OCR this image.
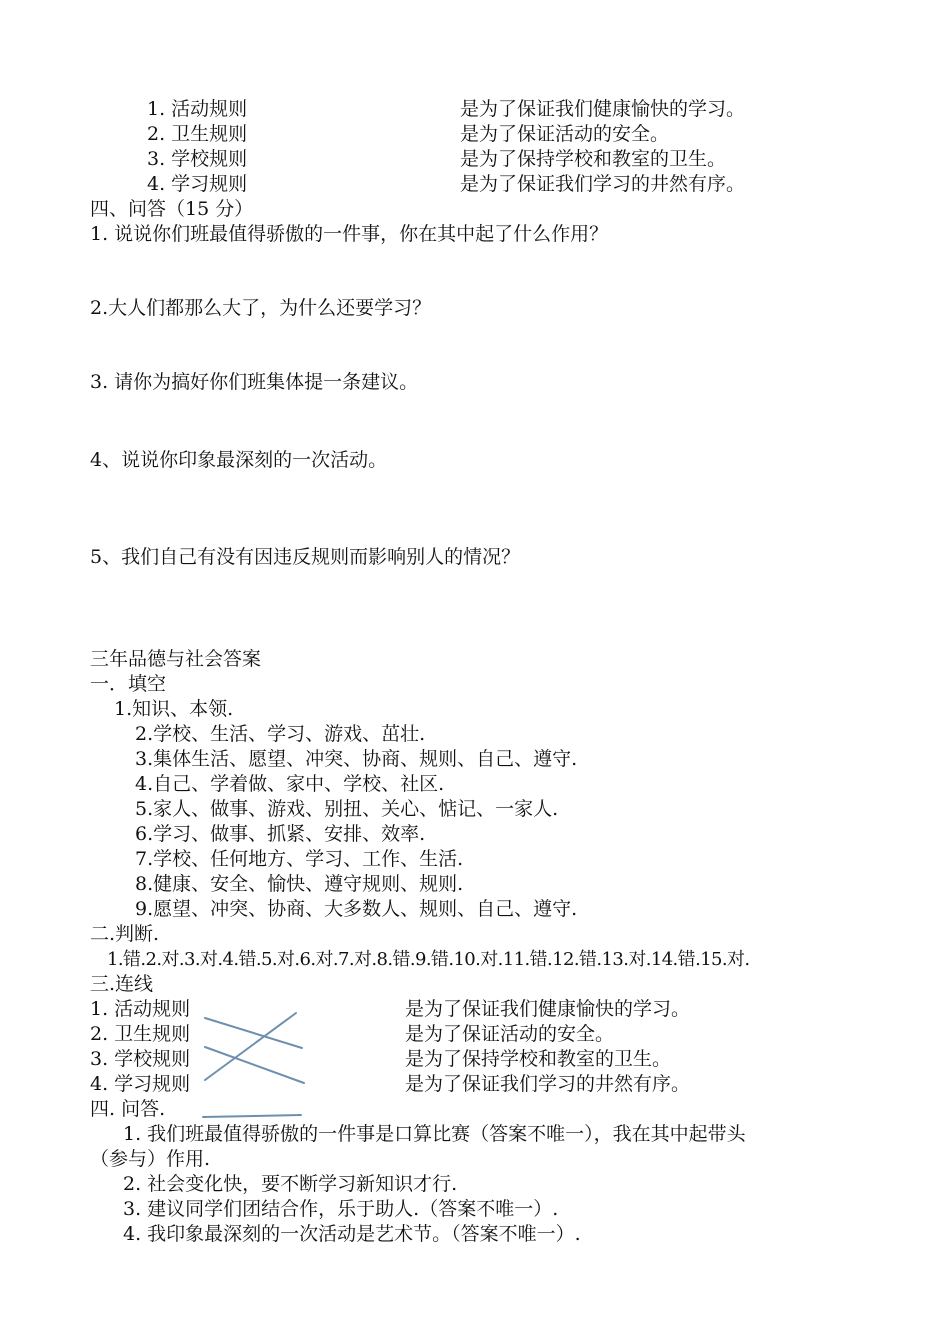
1. 活动规则
2. 卫生规则
3. 学校规则
4. 学习规则
是为了保证我们健康愉快的学习。
是为了保证活动的安全。
是为了保持学校和教室的卫生。
是为了保证我们学习的井然有序。
四、问答（15 分）
1. 说说你们班最值得骄傲的一件事，你在其中起了什么作用？
2.大人们都那么大了，为什么还要学习？
3. 请你为搞好你们班集体提一条建议。
4、说说你印象最深刻的一次活动。
5、我们自己有没有因违反规则而影响别人的情况？
三年品德与社会答案
一．填空
1.知识、本领.
2.学校、生活、学习、游戏、茁壮.
3.集体生活、愿望、冲突、协商、规则、自己、遵守.
4.自己、学着做、家中、学校、社区.
5.家人、做事、游戏、别扭、关心、惦记、一家人.
6.学习、做事、抓紧、安排、效率.
7.学校、任何地方、学习、工作、生活.
8.健康、安全、愉快、遵守规则、规则.
9.愿望、冲突、协商、大多数人、规则、自己、遵守.
二.判断.
1.错.2.对.3.对.4.错.5.对.6.对.7.对.8.错.9.错.10.对.11.错.12.错.13.对.14.错.15.对.
三.连线
1. 活动规则
2. 卫生规则
3. 学校规则
4. 学习规则
是为了保证我们健康愉快的学习。
是为了保证活动的安全。
是为了保持学校和教室的卫生。
是为了保证我们学习的井然有序。
四. 问答.
1. 我们班最值得骄傲的一件事是口算比赛（答案不唯一），我在其中起带头
（参与）作用.
2. 社会变化快，要不断学习新知识才行.
3. 建议同学们团结合作，乐于助人.（答案不唯一）.
4. 我印象最深刻的一次活动是艺术节。（答案不唯一）.
